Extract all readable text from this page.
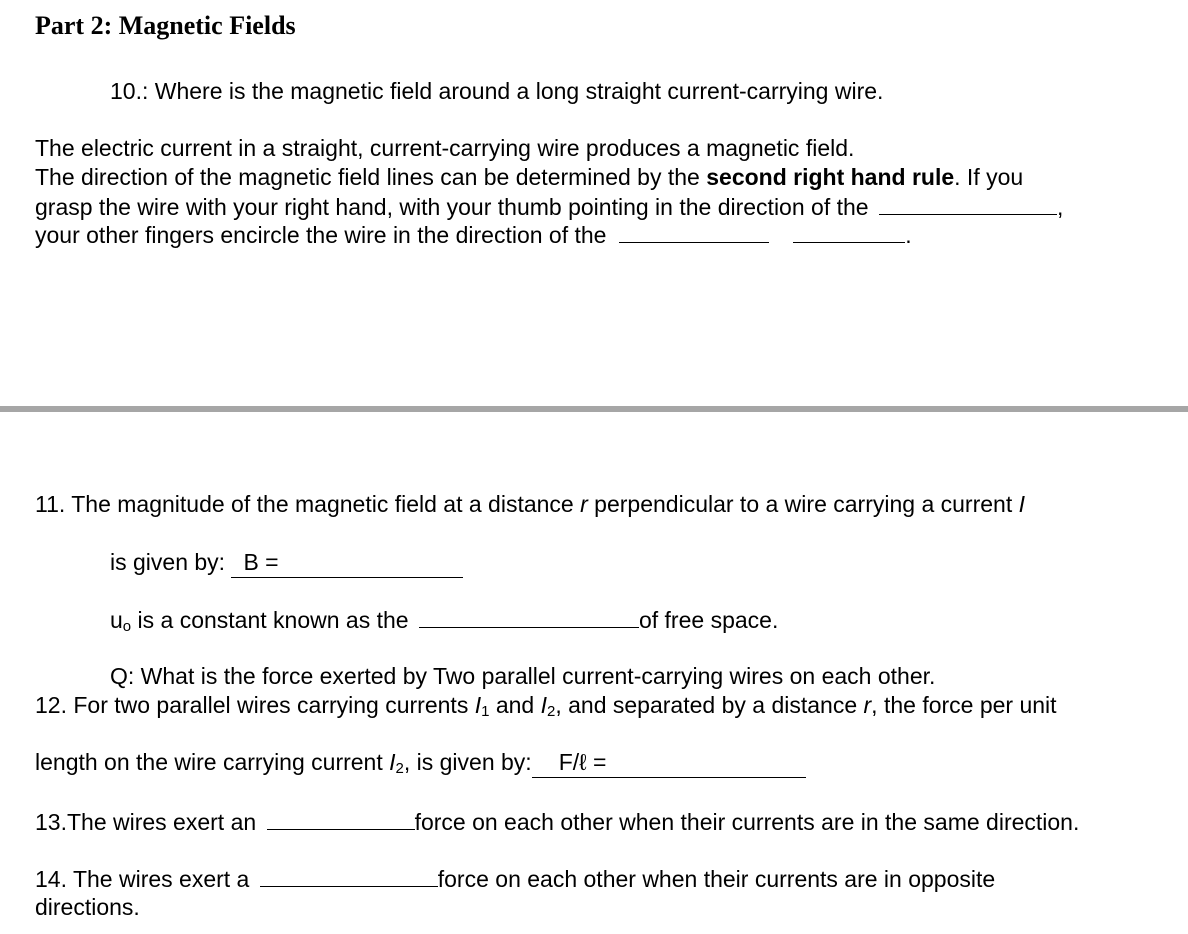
Part 2: Magnetic Fields
10.: Where is the magnetic field around a long straight current-carrying wire.
The electric current in a straight, current-carrying wire produces a magnetic field.
The direction of the magnetic field lines can be determined by the second right hand rule. If you
grasp the wire with your right hand, with your thumb pointing in the direction of the	,
your other fingers encircle the wire in the direction of the	.
11. The magnitude of the magnetic field at a distance r perpendicular to a wire carrying a current I
is given by: B =
$u_o$ is a constant known as the	of free space.
Q: What is the force exerted by Two parallel current-carrying wires on each other.
12. For two parallel wires carrying currents $I_1$ and $I_2$, and separated by a distance r, the force per unit
length on the wire carrying current $I_2$, is given by: F/ℓ =
13.The wires exert an	force on each other when their currents are in the same direction.
14. The wires exert a	force on each other when their currents are in opposite
directions.
